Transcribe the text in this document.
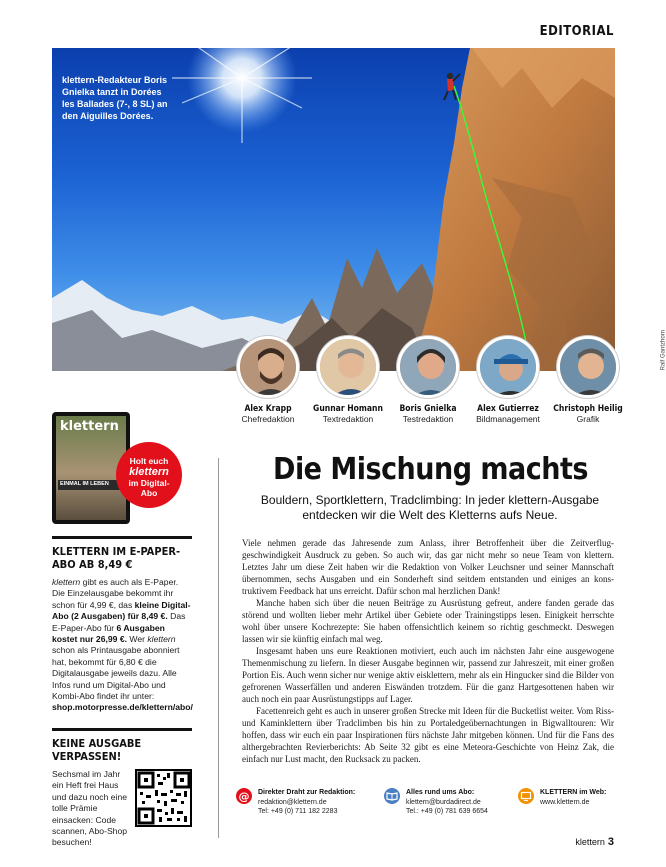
EDITORIAL
klettern-Redakteur Boris Gnielka tanzt in Dorées les Ballades (7-, 8 SL) an den Aiguilles Dorées.
Ralf Gantzhorn
Alex Krapp
Chefredaktion
Gunnar Homann
Textredaktion
Boris Gnielka
Testredaktion
Alex Gutierrez
Bildmanagement
Christoph Heilig
Grafik
klettern
EINMAL IM LEBEN
Holt euch
klettern
im Digital-
Abo
KLETTERN IM E-PAPER-ABO AB 8,49 €
klettern gibt es auch als E-Paper. Die Einzelausgabe bekommt ihr schon für 4,99 €, das kleine Digital-Abo (2 Ausgaben) für 8,49 €. Das E-Paper-Abo für 6 Ausgaben kostet nur 26,99 €. Wer klettern schon als Printausgabe abonniert hat, bekommt für 6,80 € die Digitalausgabe jeweils dazu. Alle Infos rund um Digital-Abo und Kombi-Abo findet ihr unter: shop.motorpresse.de/klettern/abo/
KEINE AUSGABE VERPASSEN!
Sechsmal im Jahr ein Heft frei Haus und dazu noch eine tolle Prämie einsacken: Code scannen, Abo-Shop besuchen!
Die Mischung machts
Bouldern, Sportklettern, Tradclimbing: In jeder klettern-Ausgabe entdecken wir die Welt des Kletterns aufs Neue.

Viele nehmen gerade das Jahresende zum Anlass, ihrer Betroffenheit über die Zeitverfluggeschwindigkeit Ausdruck zu geben. So auch wir, das gar nicht mehr so neue Team von klettern. Letztes Jahr um diese Zeit haben wir die Redaktion von Volker Leuchsner und seiner Mannschaft übernommen, sechs Ausgaben und ein Sonderheft sind seitdem entstanden und einiges an konstruktivem Feedback hat uns erreicht. Dafür schon mal herzlichen Dank!

Manche haben sich über die neuen Beiträge zu Ausrüstung gefreut, andere fanden gerade das störend und wollten lieber mehr Artikel über Gebiete oder Trainingstipps lesen. Einigkeit herrschte wohl über unsere Kochrezepte: Sie haben offensichtlich keinem so richtig geschmeckt. Deswegen lassen wir sie künftig einfach mal weg.

Insgesamt haben uns eure Reaktionen motiviert, euch auch im nächsten Jahr eine ausgewogene Themenmischung zu liefern. In dieser Ausgabe beginnen wir, passend zur Jahreszeit, mit einer großen Portion Eis. Auch wenn sicher nur wenige aktiv eisklettern, mehr als ein Hingucker sind die Bilder von gefrorenen Wasserfällen und anderen Eiswänden trotzdem. Für die ganz Hartgesottenen haben wir auch noch ein paar Ausrüstungstipps auf Lager.

Facettenreich geht es auch in unserer großen Strecke mit Ideen für die Bucketlist weiter. Vom Riss- und Kaminklettern über Tradclimben bis hin zu Portaledgeübernachtungen in Bigwalltouren: Wir hoffen, dass wir euch ein paar Inspirationen fürs nächste Jahr mitgeben können. Und für die Fans des althergebrachten Revierberichts: Ab Seite 32 gibt es eine Meteora-Geschichte von Heinz Zak, die einfach nur Lust macht, den Rucksack zu packen.

@ Direkter Draht zur Redaktion:
redaktion@klettern.de
Tel: +49 (0) 711 182 2283
Alles rund ums Abo:
klettern@burdadirect.de
Tel.: +49 (0) 781 639 6654
KLETTERN im Web:
www.klettern.de
klettern 3
